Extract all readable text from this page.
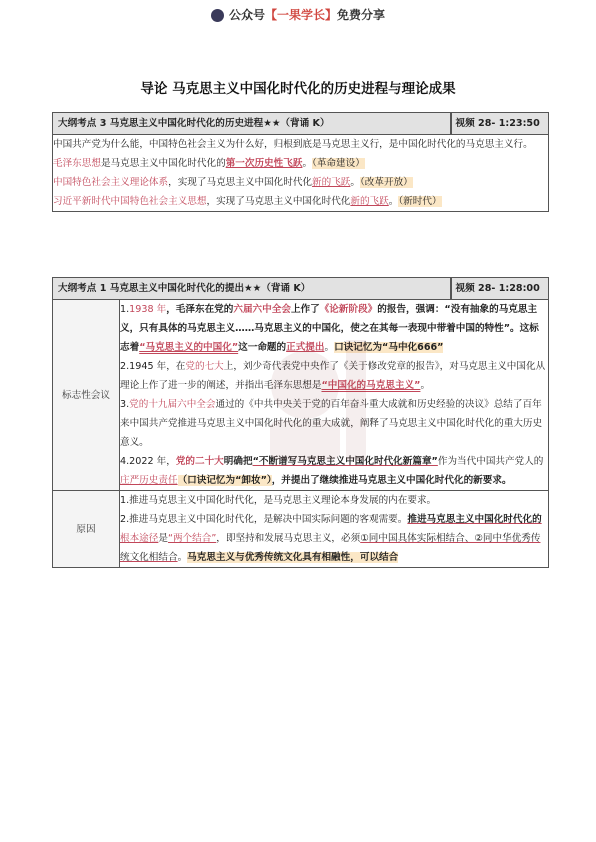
公众号【一果学长】免费分享
导论 马克思主义中国化时代化的历史进程与理论成果
大纲考点 3 马克思主义中国化时代化的历史进程★★（背诵 K）	视频 28- 1:23:50

中国共产党为什么能，中国特色社会主义为什么好，归根到底是马克思主义行，是中国化时代化的马克思主义行。

毛泽东思想是马克思主义中国化时代化的第一次历史性飞跃。（革命建设）

中国特色社会主义理论体系，实现了马克思主义中国化时代化新的飞跃。（改革开放）

习近平新时代中国特色社会主义思想，实现了马克思主义中国化时代化新的飞跃。（新时代）

大纲考点 1 马克思主义中国化时代化的提出★★（背诵 K）		视频 28- 1:28:00
标志性会议	1.1938 年，毛泽东在党的六届六中全会上作了《论新阶段》的报告，强调：“没有抽象的马克思主义，只有具体的马克思主义……马克思主义的中国化，使之在其每一表现中带着中国的特性”。这标志着“马克思主义的中国化”这一命题的正式提出。口诀记忆为“马中化666”

2.1945 年，在党的七大上，刘少奇代表党中央作了《关于修改党章的报告》，对马克思主义中国化从理论上作了进一步的阐述，并指出毛泽东思想是“中国化的马克思主义”。

3.党的十九届六中全会通过的《中共中央关于党的百年奋斗重大成就和历史经验的决议》总结了百年来中国共产党推进马克思主义中国化时代化的重大成就，阐释了马克思主义中国化时代化的重大历史意义。

4.2022 年，党的二十大明确把“不断谱写马克思主义中国化时代化新篇章”作为当代中国共产党人的庄严历史责任（口诀记忆为“卸妆”），并提出了继续推进马克思主义中国化时代化的新要求。	

原因	1.推进马克思主义中国化时代化，是马克思主义理论本身发展的内在要求。

2.推进马克思主义中国化时代化，是解决中国实际问题的客观需要。推进马克思主义中国化时代化的根本途径是“两个结合”，即坚持和发展马克思主义，必须①同中国具体实际相结合、②同中华优秀传统文化相结合。马克思主义与优秀传统文化具有相融性，可以结合	
